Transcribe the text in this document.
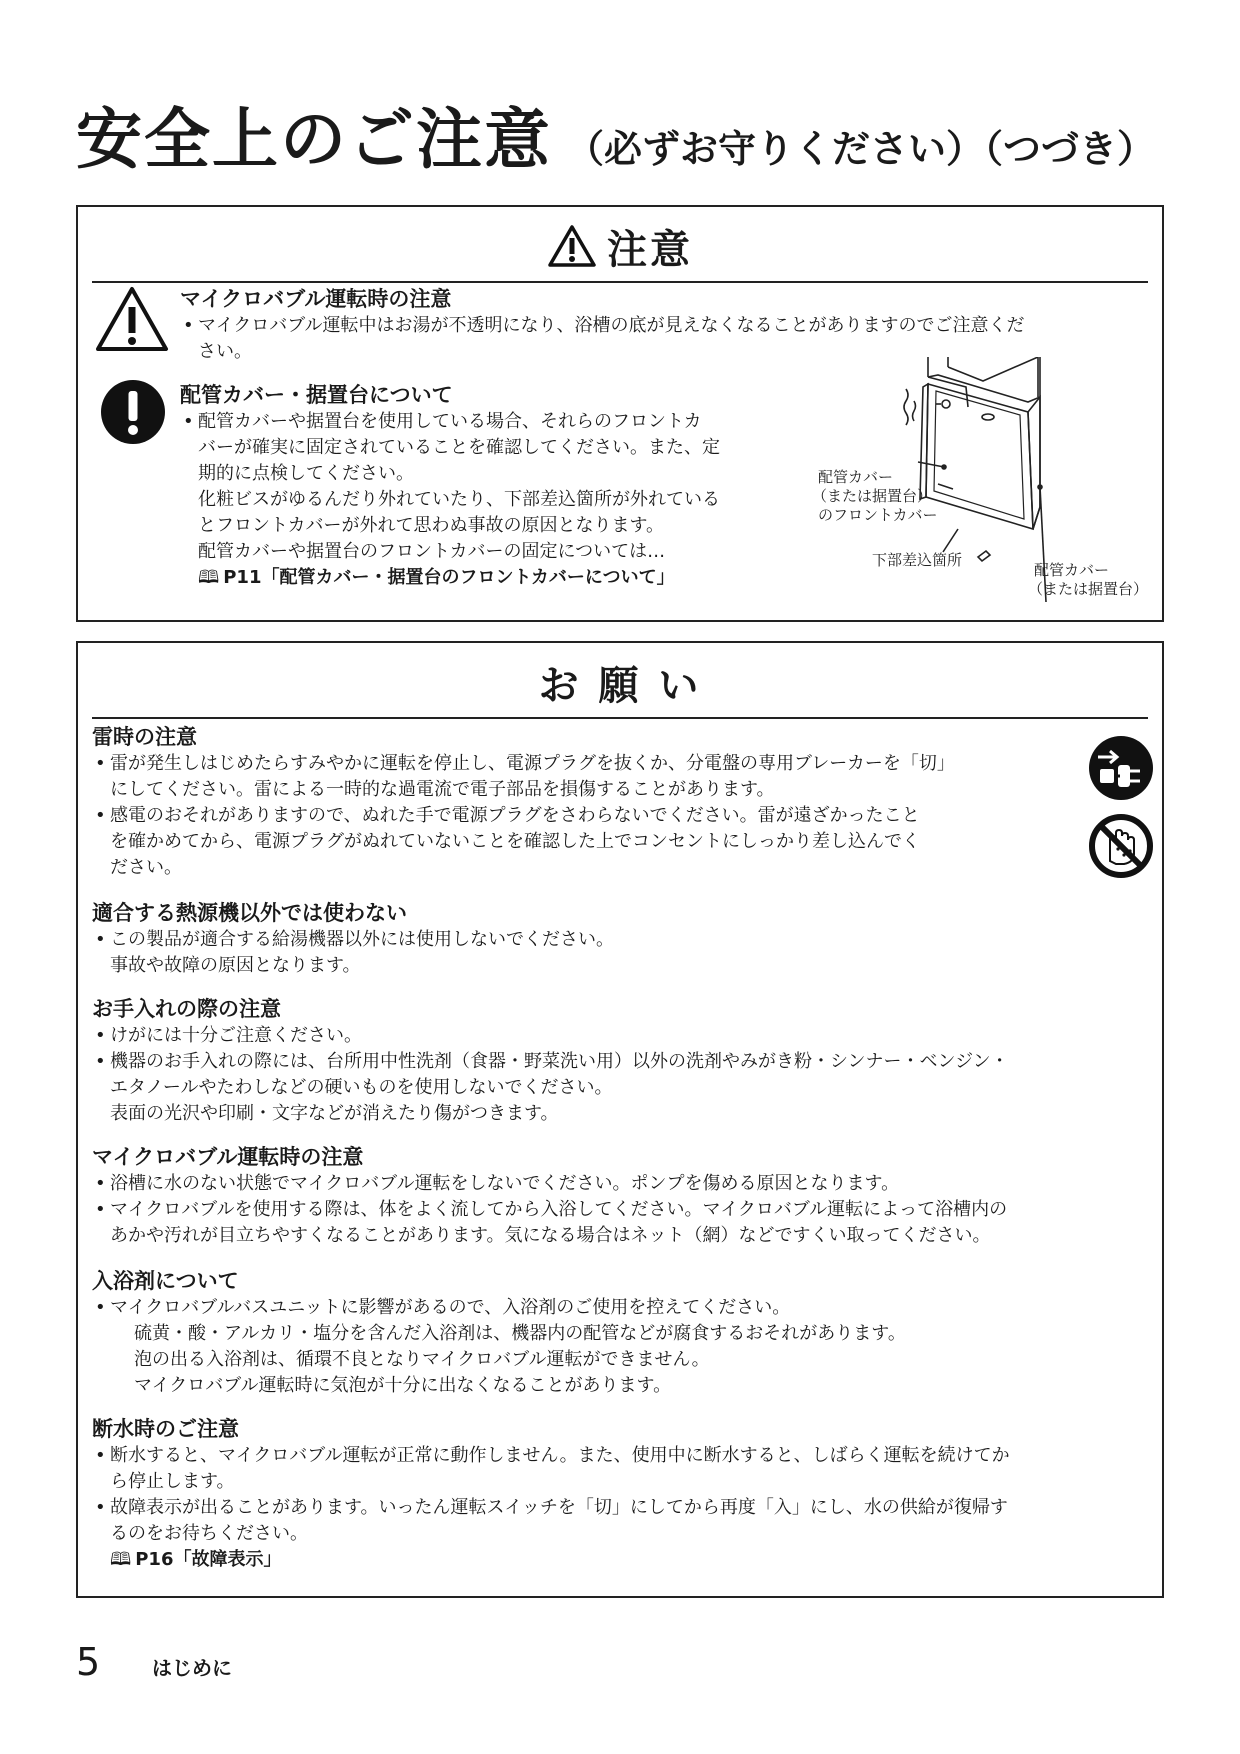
安全上のご注意 （必ずお守りください）（つづき）
注意

マイクロバブル運転時の注意

• マイクロバブル運転中はお湯が不透明になり、浴槽の底が見えなくなることがありますのでご注意くだ

さい。

配管カバー・据置台について

• 配管カバーや据置台を使用している場合、それらのフロントカ

バーが確実に固定されていることを確認してください。また、定

期的に点検してください。

化粧ビスがゆるんだり外れていたり、下部差込箇所が外れている

とフロントカバーが外れて思わぬ事故の原因となります。

配管カバーや据置台のフロントカバーの固定については…

🕮 P11「配管カバー・据置台のフロントカバーについて」

配管カバー
（または据置台）
のフロントカバー
下部差込箇所
配管カバー
（または据置台）
お 願 い

雷時の注意

• 雷が発生しはじめたらすみやかに運転を停止し、電源プラグを抜くか、分電盤の専用ブレーカーを「切」

にしてください。雷による一時的な過電流で電子部品を損傷することがあります。

• 感電のおそれがありますので、ぬれた手で電源プラグをさわらないでください。雷が遠ざかったこと

を確かめてから、電源プラグがぬれていないことを確認した上でコンセントにしっかり差し込んでく

ださい。

適合する熱源機以外では使わない

• この製品が適合する給湯機器以外には使用しないでください。

事故や故障の原因となります。

お手入れの際の注意

• けがには十分ご注意ください。

• 機器のお手入れの際には、台所用中性洗剤（食器・野菜洗い用）以外の洗剤やみがき粉・シンナー・ベンジン・

エタノールやたわしなどの硬いものを使用しないでください。

表面の光沢や印刷・文字などが消えたり傷がつきます。

マイクロバブル運転時の注意

• 浴槽に水のない状態でマイクロバブル運転をしないでください。ポンプを傷める原因となります。

• マイクロバブルを使用する際は、体をよく流してから入浴してください。マイクロバブル運転によって浴槽内の

あかや汚れが目立ちやすくなることがあります。気になる場合はネット（網）などですくい取ってください。

入浴剤について

• マイクロバブルバスユニットに影響があるので、入浴剤のご使用を控えてください。

硫黄・酸・アルカリ・塩分を含んだ入浴剤は、機器内の配管などが腐食するおそれがあります。

泡の出る入浴剤は、循環不良となりマイクロバブル運転ができません。

マイクロバブル運転時に気泡が十分に出なくなることがあります。

断水時のご注意

• 断水すると、マイクロバブル運転が正常に動作しません。また、使用中に断水すると、しばらく運転を続けてか

ら停止します。

• 故障表示が出ることがあります。いったん運転スイッチを「切」にしてから再度「入」にし、水の供給が復帰す

るのをお待ちください。

🕮 P16「故障表示」

5	はじめに
